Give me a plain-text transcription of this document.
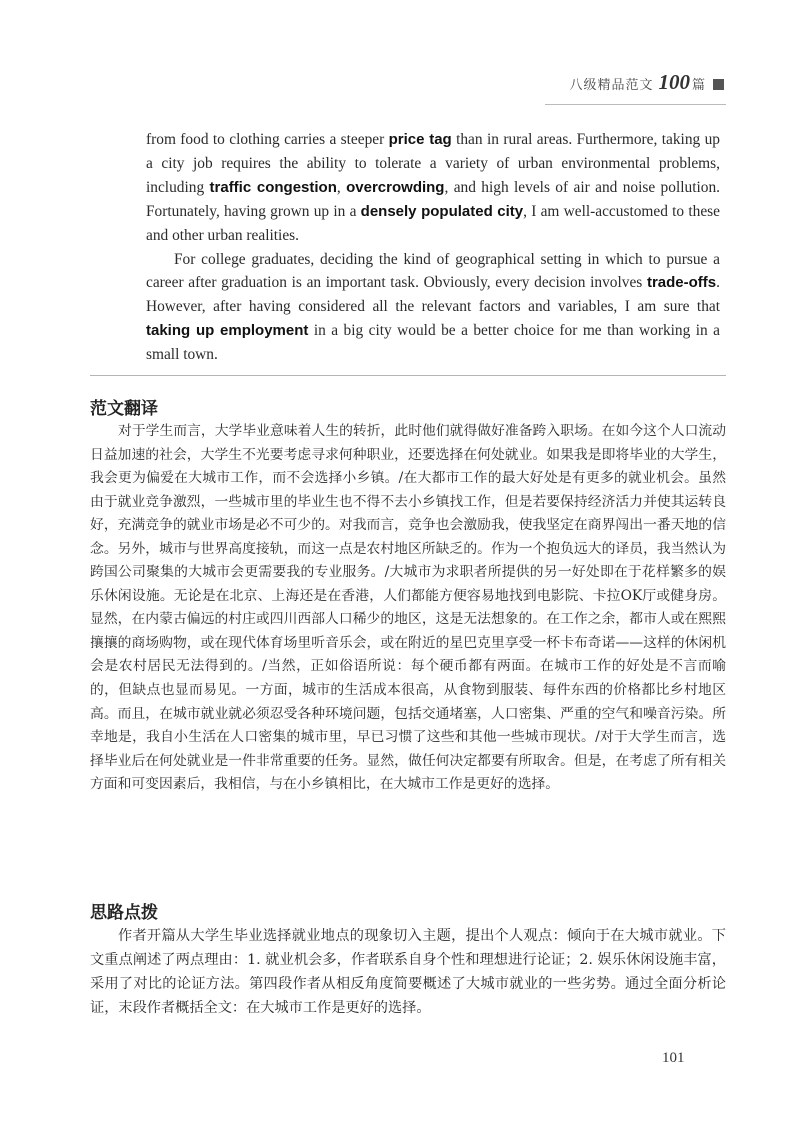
八级精品范文 100 篇

from food to clothing carries a steeper price tag than in rural areas. Furthermore, taking up a city job requires the ability to tolerate a variety of urban environmental problems, including traffic congestion, overcrowding, and high levels of air and noise pollution. Fortunately, having grown up in a densely populated city, I am well-accustomed to these and other urban realities.

For college graduates, deciding the kind of geographical setting in which to pursue a career after graduation is an important task. Obviously, every decision involves trade-offs. However, after having considered all the relevant factors and variables, I am sure that taking up employment in a big city would be a better choice for me than working in a small town.

范文翻译

对于学生而言，大学毕业意味着人生的转折，此时他们就得做好准备跨入职场。在如今这个人口流动日益加速的社会，大学生不光要考虑寻求何种职业，还要选择在何处就业。如果我是即将毕业的大学生，我会更为偏爱在大城市工作，而不会选择小乡镇。/在大都市工作的最大好处是有更多的就业机会。虽然由于就业竞争激烈，一些城市里的毕业生也不得不去小乡镇找工作，但是若要保持经济活力并使其运转良好，充满竞争的就业市场是必不可少的。对我而言，竞争也会激励我，使我坚定在商界闯出一番天地的信念。另外，城市与世界高度接轨，而这一点是农村地区所缺乏的。作为一个抱负远大的译员，我当然认为跨国公司聚集的大城市会更需要我的专业服务。/大城市为求职者所提供的另一好处即在于花样繁多的娱乐休闲设施。无论是在北京、上海还是在香港，人们都能方便容易地找到电影院、卡拉OK厅或健身房。显然，在内蒙古偏远的村庄或四川西部人口稀少的地区，这是无法想象的。在工作之余，都市人或在熙熙攘攘的商场购物，或在现代体育场里听音乐会，或在附近的星巴克里享受一杯卡布奇诺——这样的休闲机会是农村居民无法得到的。/当然，正如俗语所说：每个硬币都有两面。在城市工作的好处是不言而喻的，但缺点也显而易见。一方面，城市的生活成本很高，从食物到服装、每件东西的价格都比乡村地区高。而且，在城市就业就必须忍受各种环境问题，包括交通堵塞，人口密集、严重的空气和噪音污染。所幸地是，我自小生活在人口密集的城市里，早已习惯了这些和其他一些城市现状。/对于大学生而言，选择毕业后在何处就业是一件非常重要的任务。显然，做任何决定都要有所取舍。但是，在考虑了所有相关方面和可变因素后，我相信，与在小乡镇相比，在大城市工作是更好的选择。

思路点拨

作者开篇从大学生毕业选择就业地点的现象切入主题，提出个人观点：倾向于在大城市就业。下文重点阐述了两点理由：1. 就业机会多，作者联系自身个性和理想进行论证；2. 娱乐休闲设施丰富，采用了对比的论证方法。第四段作者从相反角度简要概述了大城市就业的一些劣势。通过全面分析论证，末段作者概括全文：在大城市工作是更好的选择。

101
